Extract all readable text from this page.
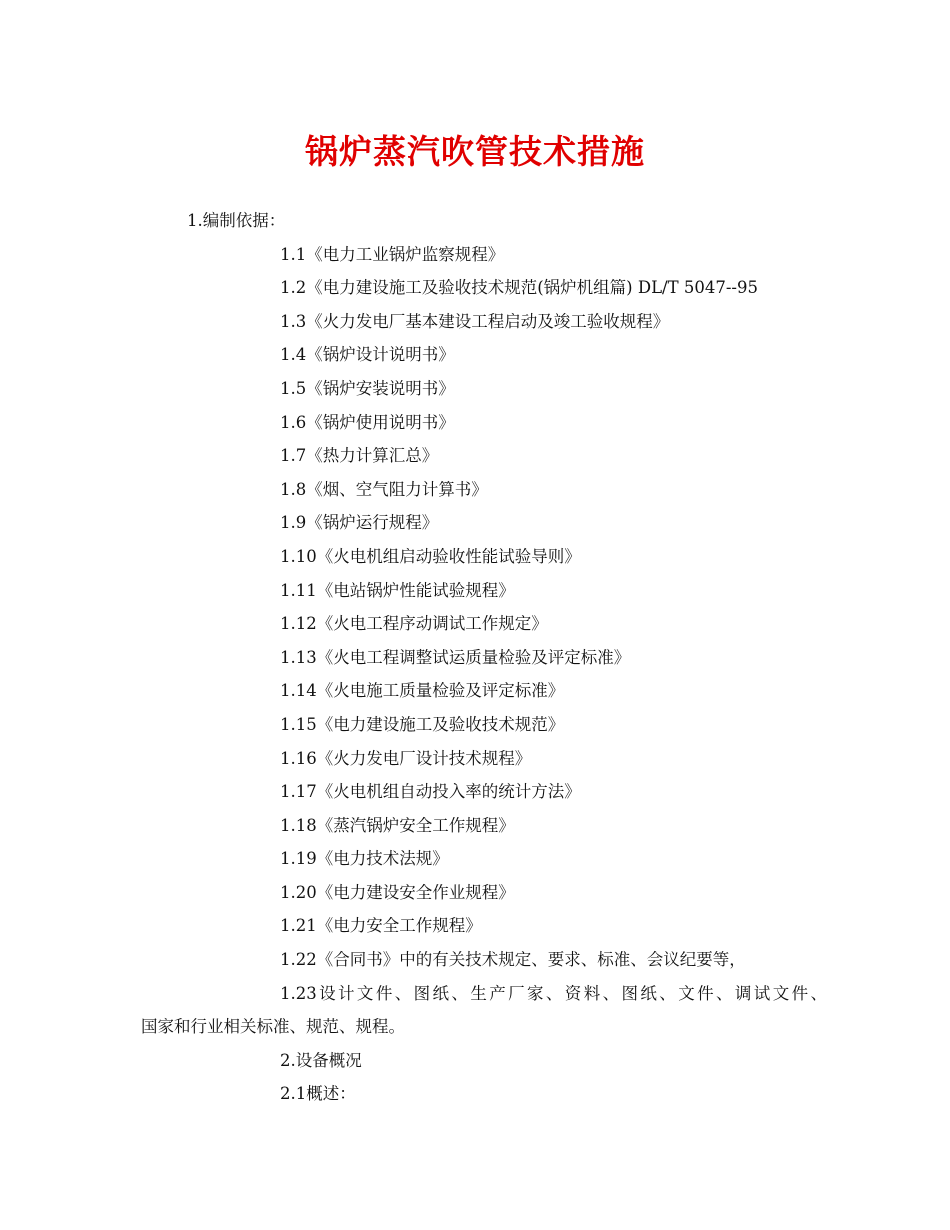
锅炉蒸汽吹管技术措施
1.编制依据：
1.1《电力工业锅炉监察规程》
1.2《电力建设施工及验收技术规范(锅炉机组篇) DL/T 5047--95
1.3《火力发电厂基本建设工程启动及竣工验收规程》
1.4《锅炉设计说明书》
1.5《锅炉安装说明书》
1.6《锅炉使用说明书》
1.7《热力计算汇总》
1.8《烟、空气阻力计算书》
1.9《锅炉运行规程》
1.10《火电机组启动验收性能试验导则》
1.11《电站锅炉性能试验规程》
1.12《火电工程序动调试工作规定》
1.13《火电工程调整试运质量检验及评定标准》
1.14《火电施工质量检验及评定标准》
1.15《电力建设施工及验收技术规范》
1.16《火力发电厂设计技术规程》
1.17《火电机组自动投入率的统计方法》
1.18《蒸汽锅炉安全工作规程》
1.19《电力技术法规》
1.20《电力建设安全作业规程》
1.21《电力安全工作规程》
1.22《合同书》中的有关技术规定、要求、标准、会议纪要等，
1.23设计文件、图纸、生产厂家、资料、图纸、文件、调试文件、
国家和行业相关标准、规范、规程。
2.设备概况
2.1概述：
